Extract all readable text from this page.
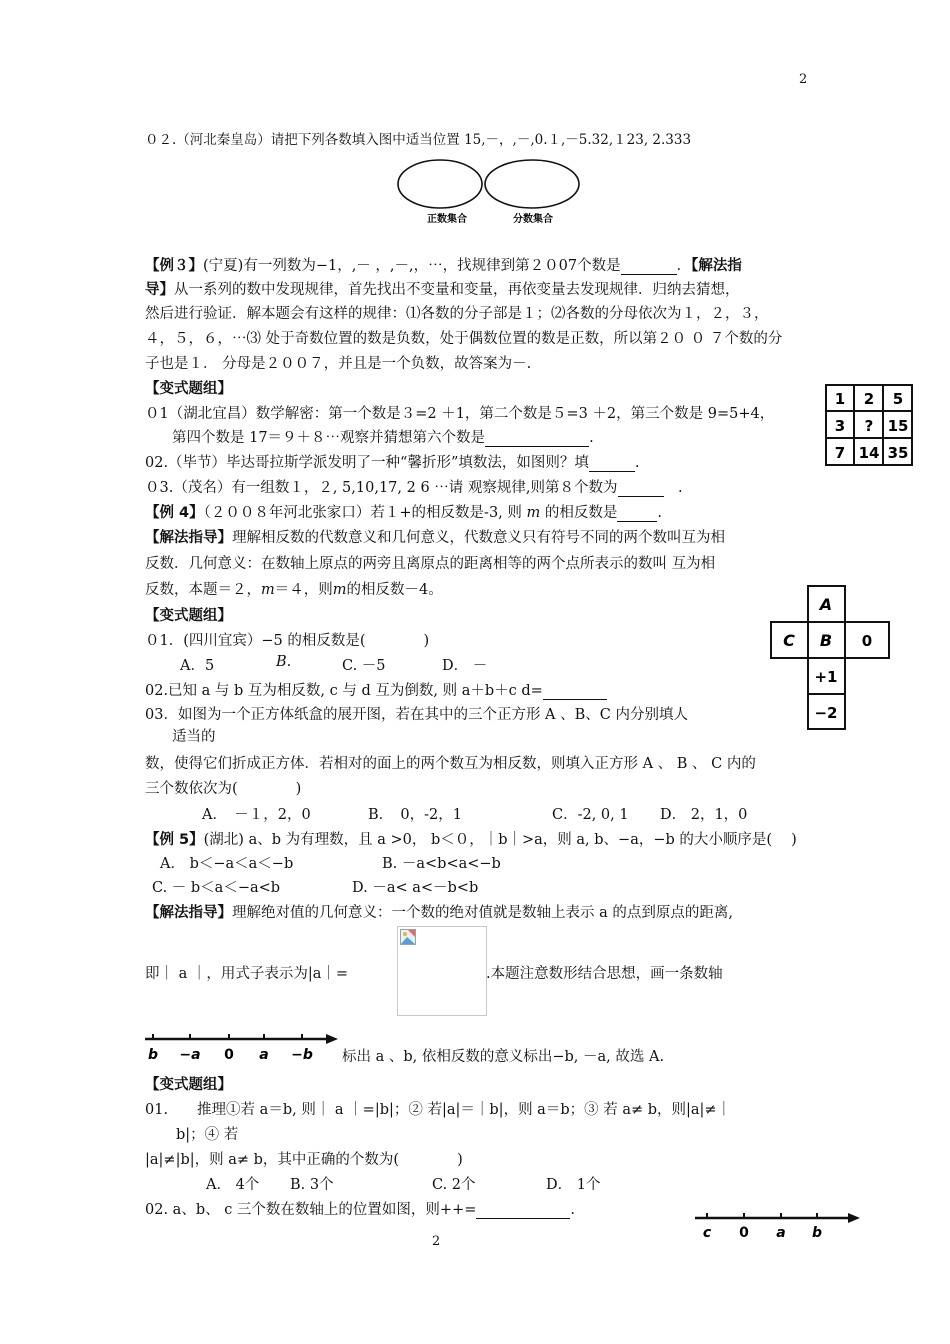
2
０２.（河北秦皇岛）请把下列各数填入图中适当位置 15,－，,－,0.１,－5.32,１23, 2.333
正数集合	分数集合
【例３】(宁夏)有一列数为−1，,－ ，,－,，⋯，找规律到第２０07个数是	．【解法指
导】从一系列的数中发现规律，首先找出不变量和变量，再依变量去发现规律．归纳去猜想，
然后进行验证．解本题会有这样的规律：⑴各数的分子部是１；⑵各数的分母依次为１，２，３，
４，５，６，⋯⑶ 处于奇数位置的数是负数，处于偶数位置的数是正数，所以第２０ ０ ７个数的分
子也是１． 分母是２００７，并且是一个负数，故答案为－.
【变式题组】
０1（湖北宜昌）数学解密：第一个数是３=2 ＋1，第二个数是５=3 ＋2，第三个数是 9=5+4，
第四个数是 17＝９＋８⋯观察并猜想第六个数是	.
02.（毕节）毕达哥拉斯学派发明了一种“馨折形”填数法，如图则？填	.
０3.（茂名）有一组数１，２, 5,10,17, 2 6 ⋯请 观察规律,则第８个数为	　.
1 2 5
3 ? 15
7 14 35
【例 4】（２００８年河北张家口）若１+的相反数是-3, 则 m 的相反数是	.
【解法指导】理解相反数的代数意义和几何意义，代数意义只有符号不同的两个数叫互为相
反数．几何意义：在数轴上原点的两旁且离原点的距离相等的两个点所表示的数叫 互为相
反数，本题＝２，m＝４，则m的相反数－4。
【变式题组】
０1．(四川宜宾）−5 的相反数是(　　　　)
A．5	B.	C. －5	D． －
02.已知 a 与 b 互为相反数, c 与 d 互为倒数, 则 a＋b＋c d=
03．如图为一个正方体纸盒的展开图，若在其中的三个正方形 A 、B、C 内分别填人
适当的
数，使得它们折成正方体．若相对的面上的两个数互为相反数，则填入正方形 A 、 B 、 C 内的
三个数依次为(　　　　)
A．　－１，2，0	B．　0，-2，1	C．-2, 0, 1 D． 2，1，0
A
C B 0
+1
−2
【例 5】(湖北) a、b 为有理数，且 a >0， b＜０，｜b｜>a，则 a, b、−a，−b 的大小顺序是(　 )
A． b＜−a＜a＜−b	B. －a<b<a<−b
C. － b＜a＜−a<b	D. －a< a<－b<b
【解法指导】理解绝对值的几何意义：一个数的绝对值就是数轴上表示 a 的点到原点的距离,
即｜ a ｜，用式子表示为|a｜=	.本题注意数形结合思想，画一条数轴
b −a 0 a −b 标出 a 、b, 依相反数的意义标出−b, －a, 故选 A.
【变式题组】
01.　　推理①若 a＝b, 则｜ a ｜=|b|；② 若|a|＝｜b|，则 a＝b；③ 若 a≠ b，则|a|≠｜
b|；④ 若
|a|≠|b|，则 a≠ b，其中正确的个数为(　　　　)
A． 4个 B. 3个	C. 2个	D． 1个
02. a、b、 c 三个数在数轴上的位置如图，则++=	.
c 0 a b
2
